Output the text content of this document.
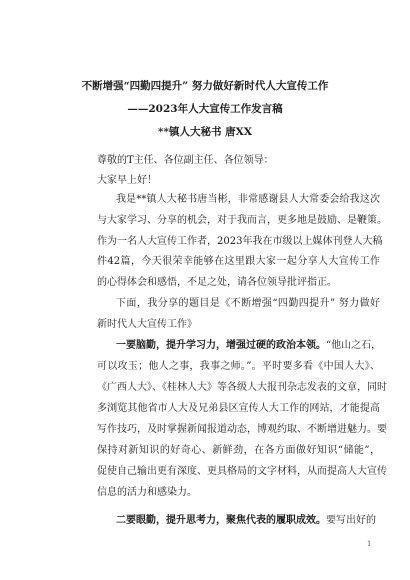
不断增强“四勤四提升” 努力做好新时代人大宣传工作
——2023年人大宣传工作发言稿
**镇人大秘书 唐XX
尊敬的T主任、各位副主任、各位领导：
大家早上好！
我是**镇人大秘书唐当彬，非常感谢县人大常委会给我这次
与大家学习、分享的机会，对于我而言，更多地是鼓励、是鞭策。
作为一名人大宣传工作者，2023年我在市级以上媒体刊登人大稿
件42篇，今天很荣幸能够在这里跟大家一起分享人大宣传工作
的心得体会和感悟，不足之处，请各位领导批评指正。
下面，我分享的题目是《不断增强“四勤四提升” 努力做好
新时代人大宣传工作》
一要脑勤，提升学习力，增强过硬的政治本领。“他山之石，
可以攻玉；他人之事，我事之师。”。平时要多看《中国人大》、
《广西人大》、《桂林人大》等各级人大报刊杂志发表的文章，同时
多浏览其他省市人大及兄弟县区宣传人大工作的网站，才能提高
写作技巧，及时掌握新闻报道动态，博观约取、不断增进魅力。要
保持对新知识的好奇心、新鲜劲，在各方面做好知识“储能”，
促使自己输出更有深度、更具格局的文字材料，从而提高人大宣传
信息的活力和感染力。
二要眼勤，提升思考力，聚焦代表的履职成效。要写出好的
1
